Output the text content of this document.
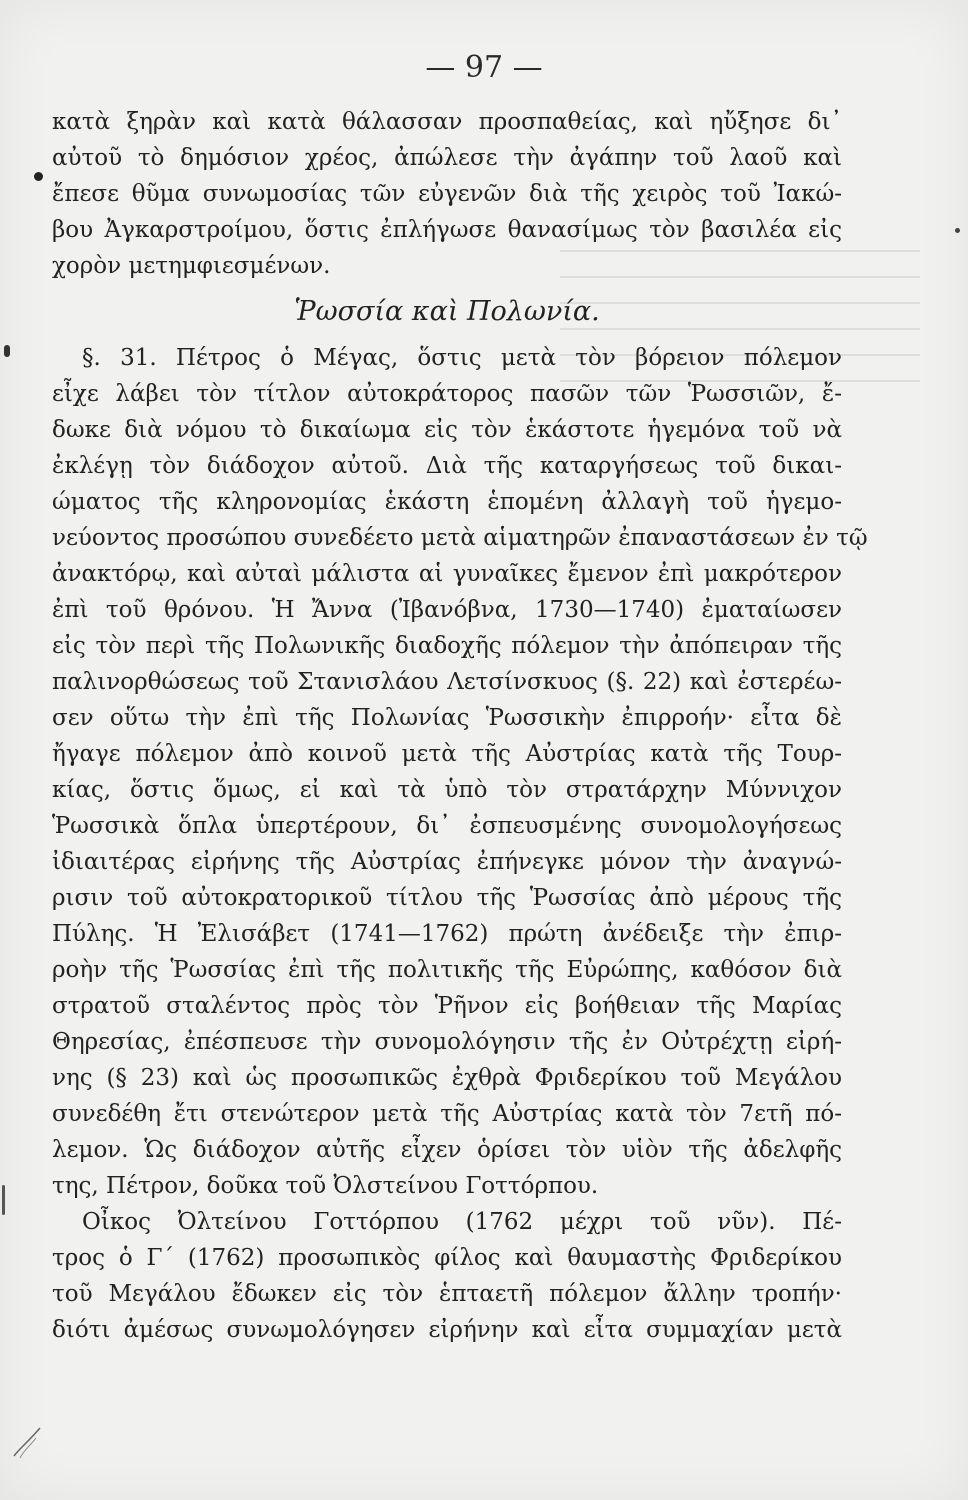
— 97 —
κατὰ ξηρὰν καὶ κατὰ θάλασσαν προσπαθείας, καὶ ηὔξησε δι᾽
αὐτοῦ τὸ δημόσιον χρέος, ἀπώλεσε τὴν ἀγάπην τοῦ λαοῦ καὶ
ἔπεσε θῦμα συνωμοσίας τῶν εὐγενῶν διὰ τῆς χειρὸς τοῦ Ἰακώ-
βου Ἀγκαρστροίμου, ὅστις ἐπλήγωσε θανασίμως τὸν βασιλέα εἰς
χορὸν μετημφιεσμένων.
Ῥωσσία καὶ Πολωνία.
§. 31. Πέτρος ὁ Μέγας, ὅστις μετὰ τὸν βόρειον πόλεμον
εἶχε λάβει τὸν τίτλον αὐτοκράτορος πασῶν τῶν Ῥωσσιῶν, ἔ-
δωκε διὰ νόμου τὸ δικαίωμα εἰς τὸν ἑκάστοτε ἡγεμόνα τοῦ νὰ
ἐκλέγῃ τὸν διάδοχον αὐτοῦ. Διὰ τῆς καταργήσεως τοῦ δικαι-
ώματος τῆς κληρονομίας ἑκάστη ἑπομένη ἀλλαγὴ τοῦ ἡγεμο-
νεύοντος προσώπου συνεδέετο μετὰ αἱματηρῶν ἐπαναστάσεων ἐν τῷ
ἀνακτόρῳ, καὶ αὐταὶ μάλιστα αἱ γυναῖκες ἔμενον ἐπὶ μακρότερον
ἐπὶ τοῦ θρόνου. Ἡ Ἄννα (Ἰβανόβνα, 1730—1740) ἐματαίωσεν
εἰς τὸν περὶ τῆς Πολωνικῆς διαδοχῆς πόλεμον τὴν ἀπόπειραν τῆς
παλινορθώσεως τοῦ Στανισλάου Λετσίνσκυος (§. 22) καὶ ἐστερέω-
σεν οὕτω τὴν ἐπὶ τῆς Πολωνίας Ῥωσσικὴν ἐπιρροήν· εἶτα δὲ
ἤγαγε πόλεμον ἀπὸ κοινοῦ μετὰ τῆς Αὐστρίας κατὰ τῆς Τουρ-
κίας, ὅστις ὅμως, εἰ καὶ τὰ ὑπὸ τὸν στρατάρχην Μύννιχον
Ῥωσσικὰ ὅπλα ὑπερτέρουν, δι᾽ ἐσπευσμένης συνομολογήσεως
ἰδιαιτέρας εἰρήνης τῆς Αὐστρίας ἐπήνεγκε μόνον τὴν ἀναγνώ-
ρισιν τοῦ αὐτοκρατορικοῦ τίτλου τῆς Ῥωσσίας ἀπὸ μέρους τῆς
Πύλης. Ἡ Ἐλισάβετ (1741—1762) πρώτη ἀνέδειξε τὴν ἐπιρ-
ροὴν τῆς Ῥωσσίας ἐπὶ τῆς πολιτικῆς τῆς Εὐρώπης, καθόσον διὰ
στρατοῦ σταλέντος πρὸς τὸν Ῥῆνον εἰς βοήθειαν τῆς Μαρίας
Θηρεσίας, ἐπέσπευσε τὴν συνομολόγησιν τῆς ἐν Οὐτρέχτῃ εἰρή-
νης (§ 23) καὶ ὡς προσωπικῶς ἐχθρὰ Φριδερίκου τοῦ Μεγάλου
συνεδέθη ἔτι στενώτερον μετὰ τῆς Αὐστρίας κατὰ τὸν 7ετῆ πό-
λεμον. Ὡς διάδοχον αὐτῆς εἶχεν ὁρίσει τὸν υἱὸν τῆς ἀδελφῆς
της, Πέτρον, δοῦκα τοῦ Ὀλστείνου Γοττόρπου.
Οἶκος Ὀλτείνου Γοττόρπου (1762 μέχρι τοῦ νῦν). Πέ-
τρος ὁ Γ΄ (1762) προσωπικὸς φίλος καὶ θαυμαστὴς Φριδερίκου
τοῦ Μεγάλου ἔδωκεν εἰς τὸν ἑπταετῆ πόλεμον ἄλλην τροπήν·
διότι ἀμέσως συνωμολόγησεν εἰρήνην καὶ εἶτα συμμαχίαν μετὰ
